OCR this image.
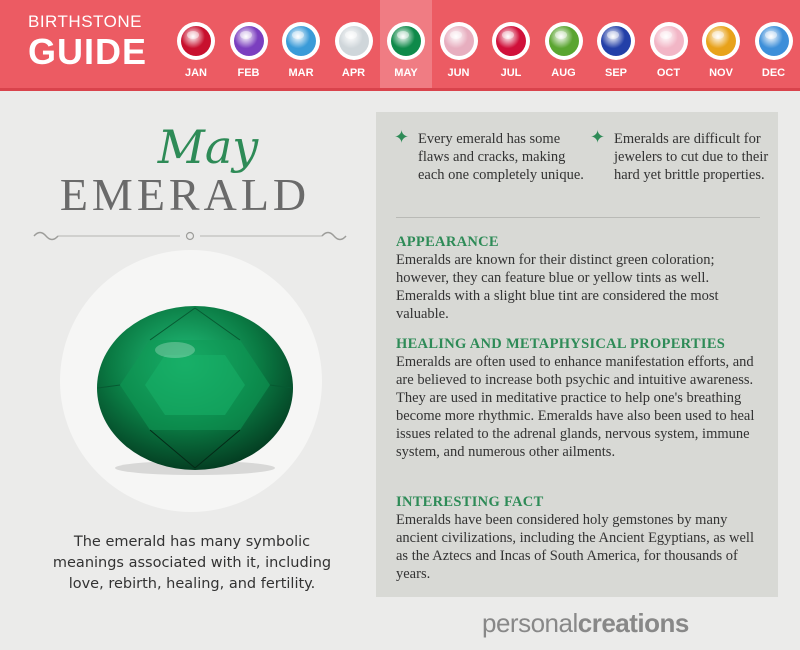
BIRTHSTONE
GUIDE
JAN	FEB	MAR	APR	MAY	JUN	JUL	AUG	SEP	OCT	NOV	DEC
May
EMERALD
The emerald has many symbolic meanings associated with it, including love, rebirth, healing, and fertility.
✦ Every emerald has some flaws and cracks, making each one completely unique.
✦ Emeralds are difficult for jewelers to cut due to their hard yet brittle properties.
APPEARANCE

Emeralds are known for their distinct green coloration; however, they can feature blue or yellow tints as well. Emeralds with a slight blue tint are considered the most valuable.

HEALING AND METAPHYSICAL PROPERTIES

Emeralds are often used to enhance manifestation efforts, and are believed to increase both psychic and intuitive awareness. They are used in meditative practice to help one's breathing become more rhythmic. Emeralds have also been used to heal issues related to the adrenal glands, nervous system, immune system, and numerous other ailments.

INTERESTING FACT

Emeralds have been considered holy gemstones by many ancient civilizations, including the Ancient Egyptians, as well as the Aztecs and Incas of South America, for thousands of years.

personalcreations
